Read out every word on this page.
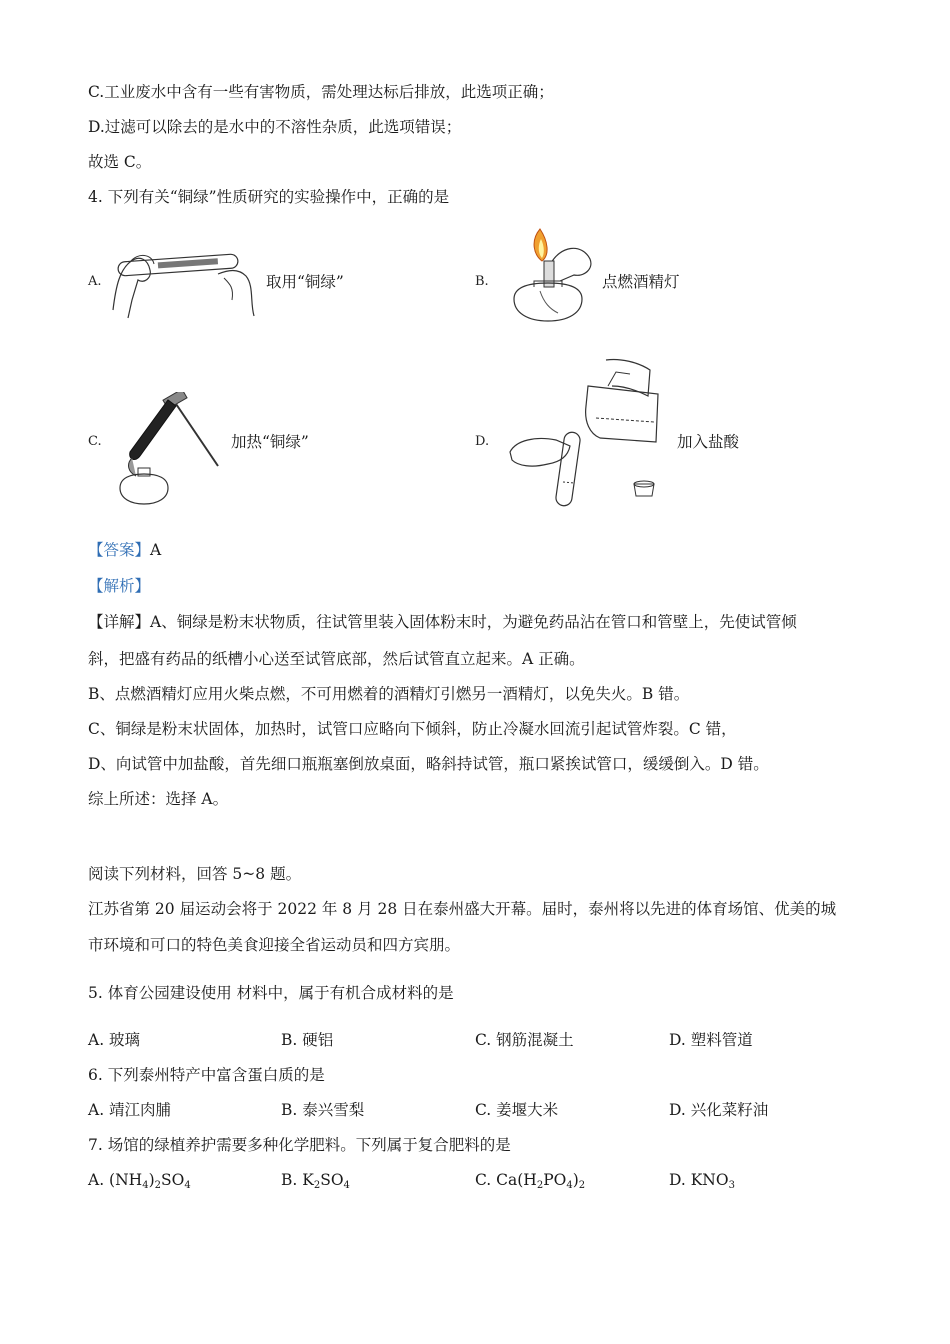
C.工业废水中含有一些有害物质，需处理达标后排放，此选项正确；
D.过滤可以除去的是水中的不溶性杂质，此选项错误；
故选 C。
4. 下列有关“铜绿”性质研究的实验操作中，正确的是
A.	取用“铜绿”	B.	点燃酒精灯
C.	加热“铜绿”	D.	加入盐酸
【答案】A
【解析】
【详解】A、铜绿是粉末状物质，往试管里装入固体粉末时，为避免药品沾在管口和管壁上，先使试管倾
斜，把盛有药品的纸槽小心送至试管底部，然后试管直立起来。A 正确。
B、点燃酒精灯应用火柴点燃，不可用燃着的酒精灯引燃另一酒精灯，以免失火。B 错。
C、铜绿是粉末状固体，加热时，试管口应略向下倾斜，防止冷凝水回流引起试管炸裂。C 错，
D、向试管中加盐酸，首先细口瓶瓶塞倒放桌面，略斜持试管，瓶口紧挨试管口，缓缓倒入。D 错。
综上所述：选择 A。
阅读下列材料，回答 5~8 题。
江苏省第 20 届运动会将于 2022 年 8 月 28 日在泰州盛大开幕。届时，泰州将以先进的体育场馆、优美的城
市环境和可口的特色美食迎接全省运动员和四方宾朋。
5. 体育公园建设使用 材料中，属于有机合成材料的是
A. 玻璃	B. 硬铝	C. 钢筋混凝土	D. 塑料管道
6. 下列泰州特产中富含蛋白质的是
A. 靖江肉脯	B. 泰兴雪梨	C. 姜堰大米	D. 兴化菜籽油
7. 场馆的绿植养护需要多种化学肥料。下列属于复合肥料的是
A. $(NH_4)_2SO_4$	B. $K_2SO_4$	C. $Ca(H_2PO_4)_2$	D. $KNO_3$
